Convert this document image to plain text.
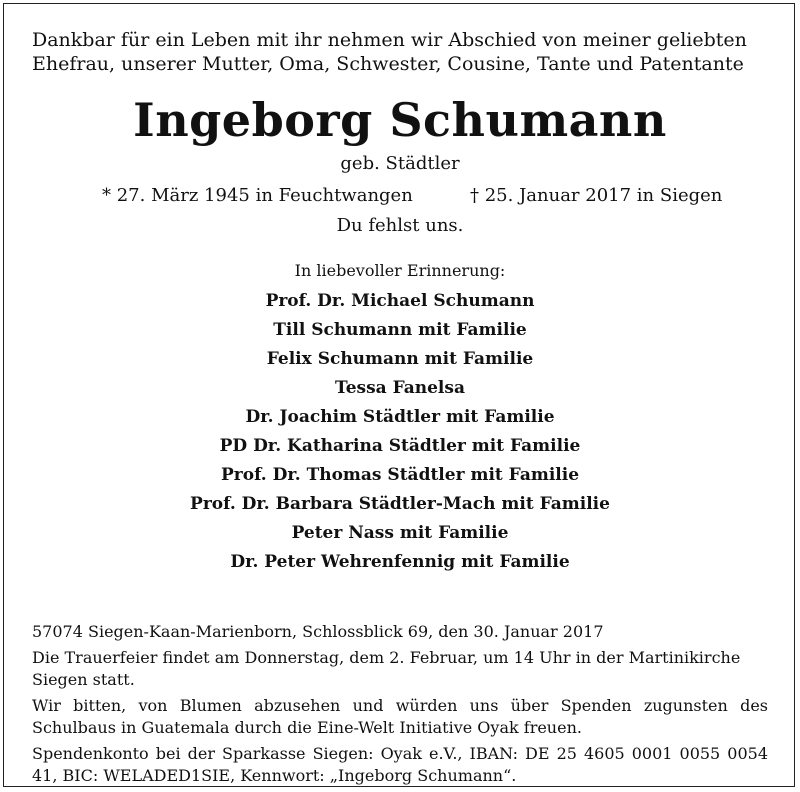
Dankbar für ein Leben mit ihr nehmen wir Abschied von meiner geliebten Ehefrau, unserer Mutter, Oma, Schwester, Cousine, Tante und Patentante
Ingeborg Schumann
geb. Städtler
* 27. März 1945 in Feuchtwangen	† 25. Januar 2017 in Siegen
Du fehlst uns.
In liebevoller Erinnerung:
Prof. Dr. Michael Schumann
Till Schumann mit Familie
Felix Schumann mit Familie
Tessa Fanelsa
Dr. Joachim Städtler mit Familie
PD Dr. Katharina Städtler mit Familie
Prof. Dr. Thomas Städtler mit Familie
Prof. Dr. Barbara Städtler-Mach mit Familie
Peter Nass mit Familie
Dr. Peter Wehrenfennig mit Familie

57074 Siegen-Kaan-Marienborn, Schlossblick 69, den 30. Januar 2017

Die Trauerfeier findet am Donnerstag, dem 2. Februar, um 14 Uhr in der Martinikirche Siegen statt.

Wir bitten, von Blumen abzusehen und würden uns über Spenden zugunsten des Schulbaus in Guatemala durch die Eine-Welt Initiative Oyak freuen.

Spendenkonto bei der Sparkasse Siegen: Oyak e.V., IBAN: DE 25 4605 0001 0055 0054 41, BIC: WELADED1SIE, Kennwort: „Ingeborg Schumann“.
